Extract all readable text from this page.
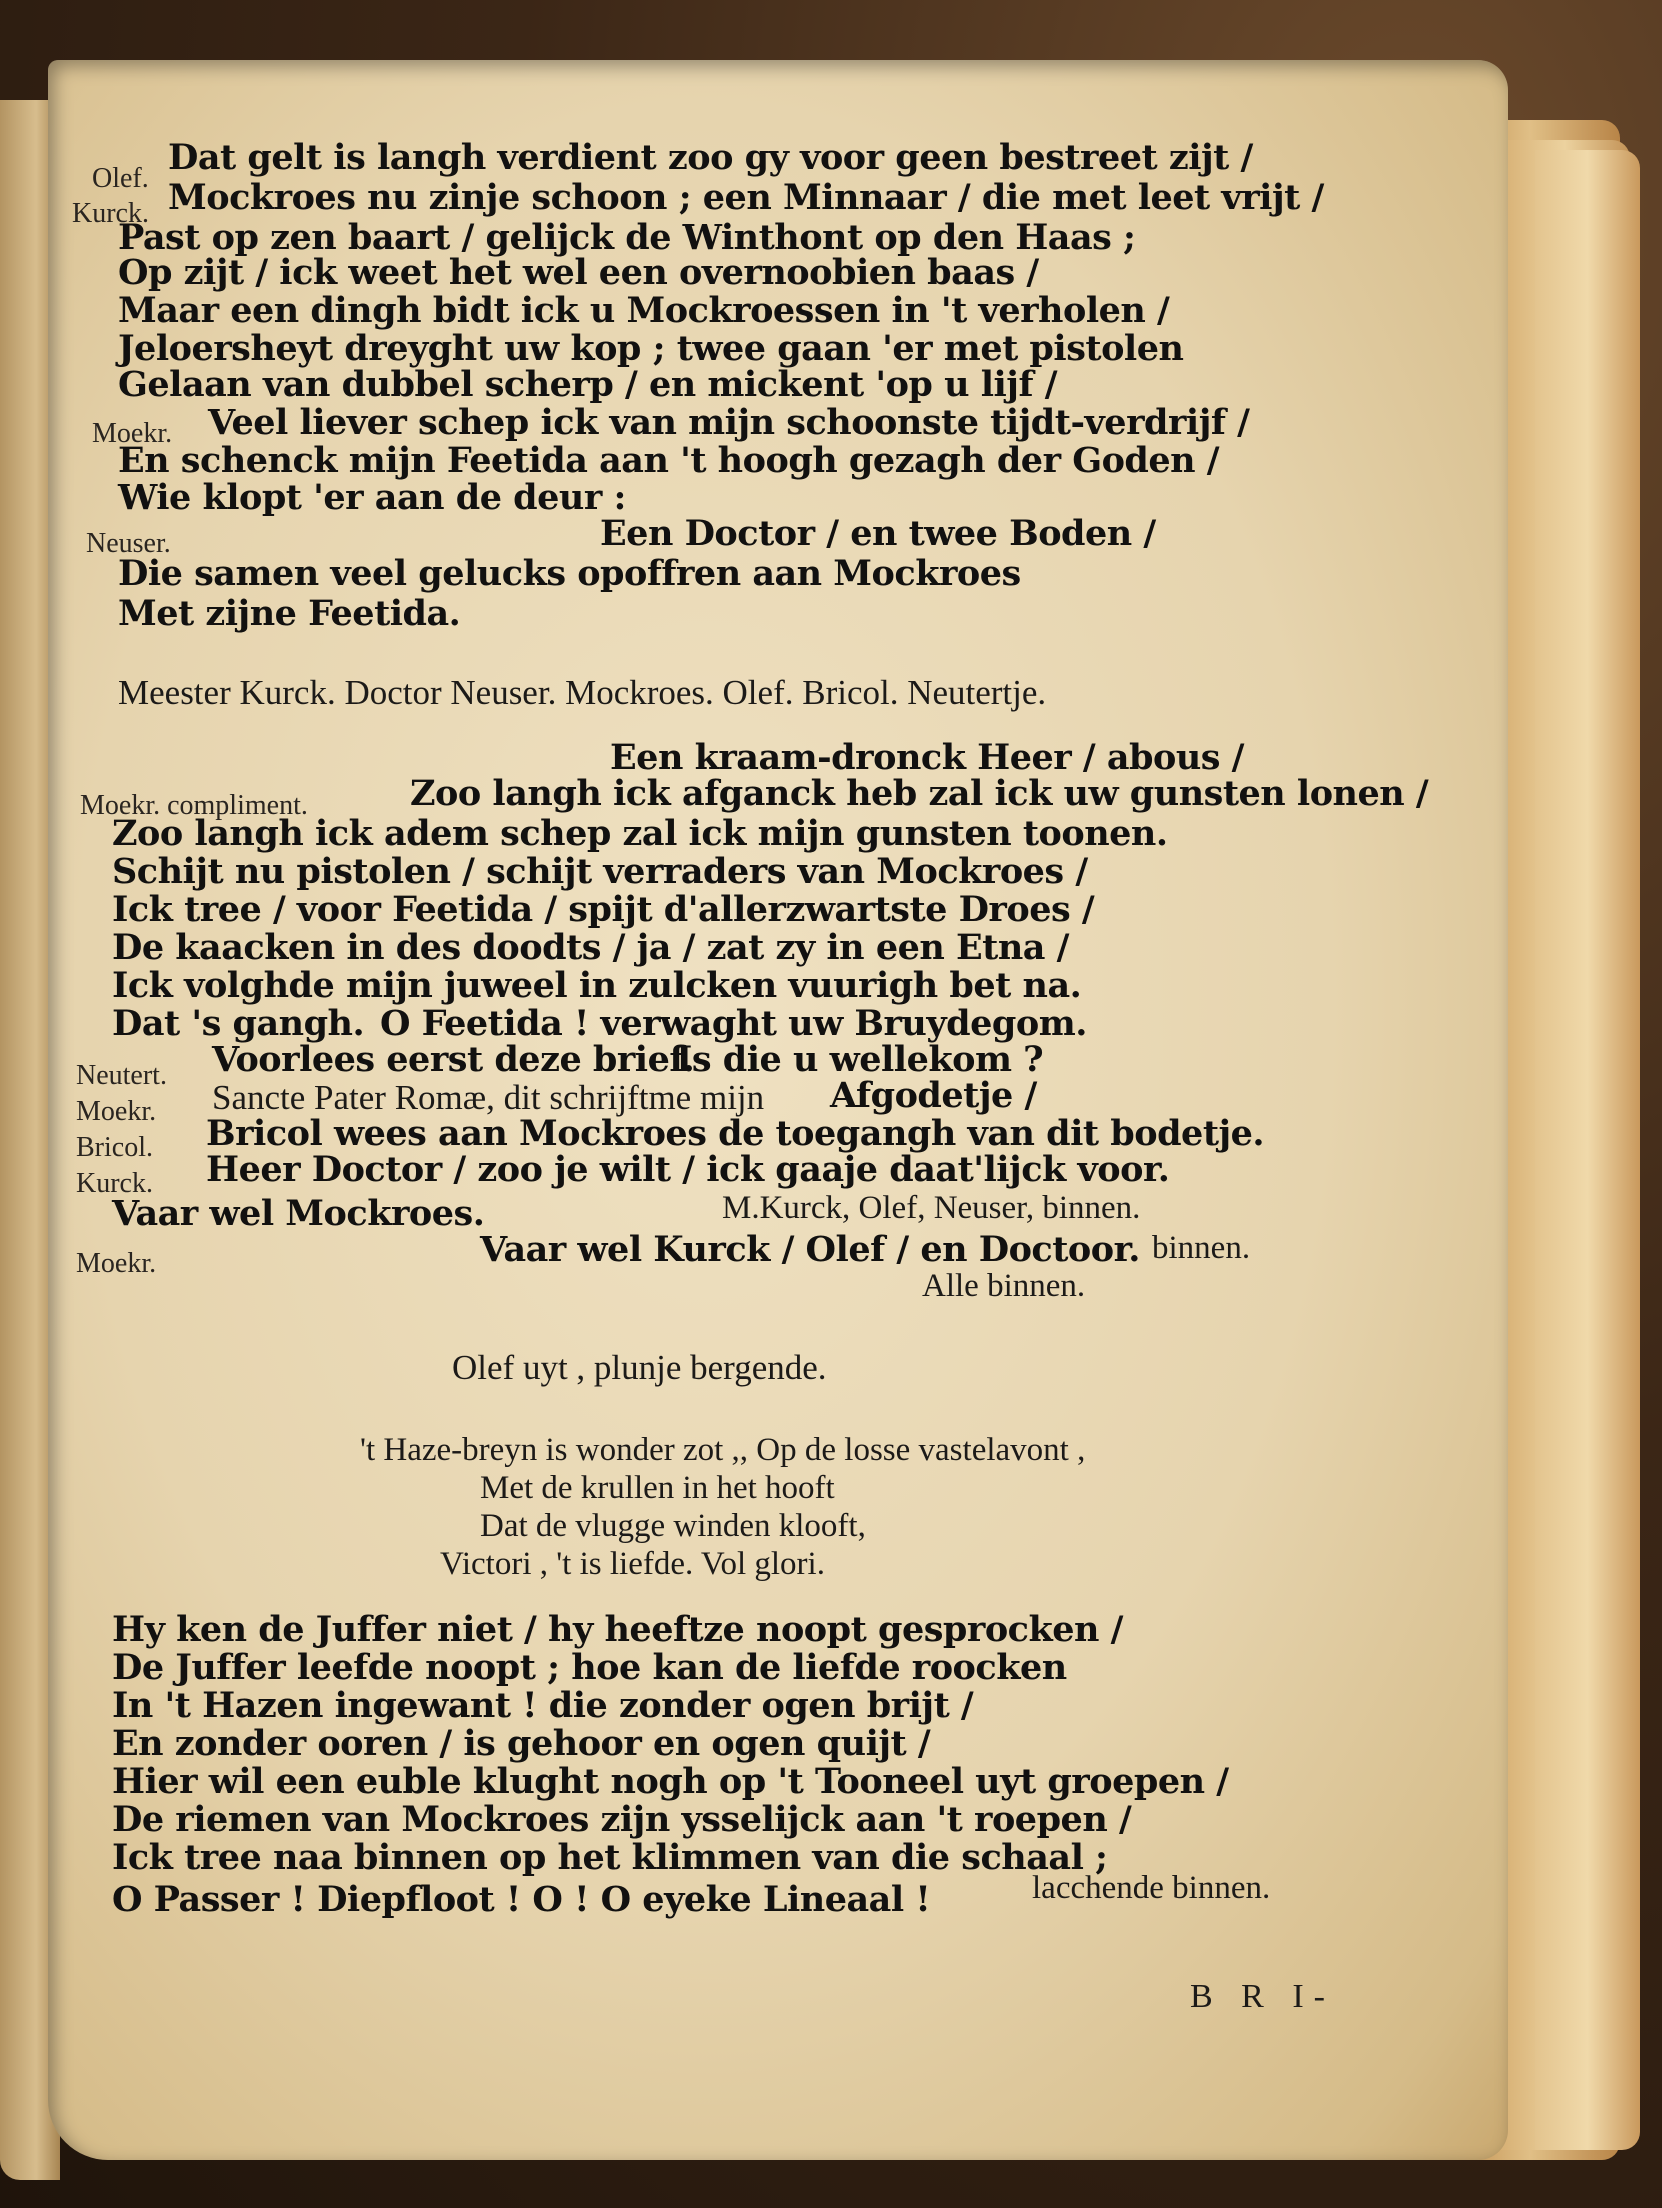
Olef.
Kurck.
Moekr.
Neuser.
Moekr. compliment.
Neutert.
Moekr.
Bricol.
Kurck.
Moekr.
Dat gelt is langh verdient zoo gy voor geen bestreet zijt /
Mockroes nu zinje schoon ; een Minnaar / die met leet vrijt /
Past op zen baart / gelijck de Winthont op den Haas ;
Op zijt / ick weet het wel een overnoobien baas /
Maar een dingh bidt ick u Mockroessen in 't verholen /
Jeloersheyt dreyght uw kop ; twee gaan 'er met pistolen
Gelaan van dubbel scherp / en mickent 'op u lijf /
Veel liever schep ick van mijn schoonste tijdt-verdrijf /
En schenck mijn Feetida aan 't hoogh gezagh der Goden /
Wie klopt 'er aan de deur :
Een Doctor / en twee Boden /
Die samen veel gelucks opoffren aan Mockroes
Met zijne Feetida.
Meester Kurck. Doctor Neuser. Mockroes. Olef. Bricol. Neutertje.
Een kraam-dronck Heer / abous /
Zoo langh ick afganck heb zal ick uw gunsten lonen /
Zoo langh ick adem schep zal ick mijn gunsten toonen.
Schijt nu pistolen / schijt verraders van Mockroes /
Ick tree / voor Feetida / spijt d'allerzwartste Droes /
De kaacken in des doodts / ja / zat zy in een Etna /
Ick volghde mijn juweel in zulcken vuurigh bet na.
Dat 's gangh. O Feetida ! verwaght uw Bruydegom.
Voorlees eerst deze brief.
Is die u wellekom ?
Sancte Pater Romæ, dit schrijftme mijn Afgodetje /
Bricol wees aan Mockroes de toegangh van dit bodetje.
Heer Doctor / zoo je wilt / ick gaaje daat'lijck voor.
Vaar wel Mockroes.	M.Kurck, Olef, Neuser, binnen.
Vaar wel Kurck / Olef / en Doctoor. binnen.
Alle binnen.
Olef uyt , plunje bergende.
't Haze-breyn is wonder zot ,, Op de losse vastelavont ,
Met de krullen in het hooft
Dat de vlugge winden klooft,
Victori , 't is liefde. Vol glori.
Hy ken de Juffer niet / hy heeftze noopt gesprocken /
De Juffer leefde noopt ; hoe kan de liefde roocken
In 't Hazen ingewant ! die zonder ogen brijt /
En zonder ooren / is gehoor en ogen quijt /
Hier wil een euble klught nogh op 't Tooneel uyt groepen /
De riemen van Mockroes zijn ysselijck aan 't roepen /
Ick tree naa binnen op het klimmen van die schaal ;
O Passer ! Diepfloot ! O ! O eyeke Lineaal !	lacchende binnen.
B R I-
